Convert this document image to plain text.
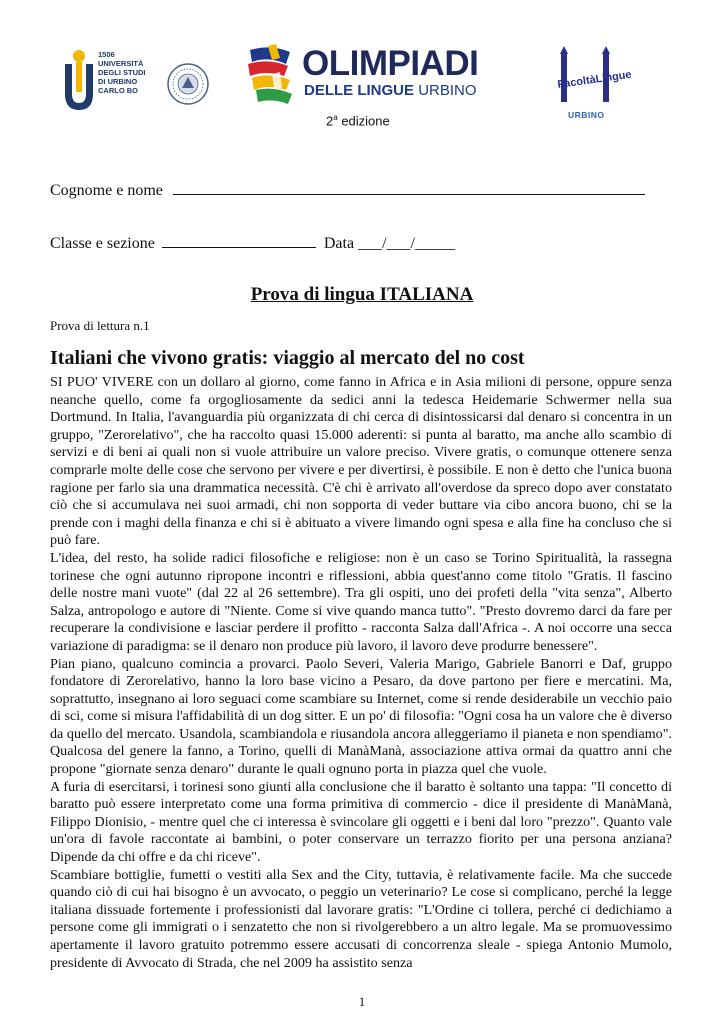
1506
UNIVERSITÀ
DEGLI STUDI
DI URBINO
CARLO BO
OLIMPIADI
DELLE LINGUE URBINO
2$^a$ edizione
FacoltàLingue
URBINO
Cognome e nome
Classe e sezione	Data ___/___/_____
Prova di lingua ITALIANA
Prova di lettura n.1
Italiani che vivono gratis: viaggio al mercato del no cost

SI PUO' VIVERE con un dollaro al giorno, come fanno in Africa e in Asia milioni di persone, oppure senza neanche quello, come fa orgogliosamente da sedici anni la tedesca Heidemarie Schwermer nella sua Dortmund. In Italia, l'avanguardia più organizzata di chi cerca di disintossicarsi dal denaro si concentra in un gruppo, "Zerorelativo", che ha raccolto quasi 15.000 aderenti: si punta al baratto, ma anche allo scambio di servizi e di beni ai quali non si vuole attribuire un valore preciso. Vivere gratis, o comunque ottenere senza comprarle molte delle cose che servono per vivere e per divertirsi, è possibile. E non è detto che l'unica buona ragione per farlo sia una drammatica necessità. C'è chi è arrivato all'overdose da spreco dopo aver constatato ciò che si accumulava nei suoi armadi, chi non sopporta di veder buttare via cibo ancora buono, chi se la prende con i maghi della finanza e chi si è abituato a vivere limando ogni spesa e alla fine ha concluso che si può fare.

L'idea, del resto, ha solide radici filosofiche e religiose: non è un caso se Torino Spiritualità, la rassegna torinese che ogni autunno ripropone incontri e riflessioni, abbia quest'anno come titolo "Gratis. Il fascino delle nostre mani vuote" (dal 22 al 26 settembre). Tra gli ospiti, uno dei profeti della "vita senza", Alberto Salza, antropologo e autore di "Niente. Come si vive quando manca tutto". "Presto dovremo darci da fare per recuperare la condivisione e lasciar perdere il profitto - racconta Salza dall'Africa -. A noi occorre una secca variazione di paradigma: se il denaro non produce più lavoro, il lavoro deve produrre benessere".

Pian piano, qualcuno comincia a provarci. Paolo Severi, Valeria Marigo, Gabriele Banorri e Daf, gruppo fondatore di Zerorelativo, hanno la loro base vicino a Pesaro, da dove partono per fiere e mercatini. Ma, soprattutto, insegnano ai loro seguaci come scambiare su Internet, come si rende desiderabile un vecchio paio di sci, come si misura l'affidabilità di un dog sitter. E un po' di filosofia: "Ogni cosa ha un valore che è diverso da quello del mercato. Usandola, scambiandola e riusandola ancora alleggeriamo il pianeta e non spendiamo". Qualcosa del genere la fanno, a Torino, quelli di ManàManà, associazione attiva ormai da quattro anni che propone "giornate senza denaro" durante le quali ognuno porta in piazza quel che vuole.

A furia di esercitarsi, i torinesi sono giunti alla conclusione che il baratto è soltanto una tappa: "Il concetto di baratto può essere interpretato come una forma primitiva di commercio - dice il presidente di ManàManà, Filippo Dionisio, - mentre quel che ci interessa è svincolare gli oggetti e i beni dal loro "prezzo". Quanto vale un'ora di favole raccontate ai bambini, o poter conservare un terrazzo fiorito per una persona anziana? Dipende da chi offre e da chi riceve".

Scambiare bottiglie, fumetti o vestiti alla Sex and the City, tuttavia, è relativamente facile. Ma che succede quando ciò di cui hai bisogno è un avvocato, o peggio un veterinario? Le cose si complicano, perché la legge italiana dissuade fortemente i professionisti dal lavorare gratis: "L'Ordine ci tollera, perché ci dedichiamo a persone come gli immigrati o i senzatetto che non si rivolgerebbero a un altro legale. Ma se promuovessimo apertamente il lavoro gratuito potremmo essere accusati di concorrenza sleale - spiega Antonio Mumolo, presidente di Avvocato di Strada, che nel 2009 ha assistito senza

1
